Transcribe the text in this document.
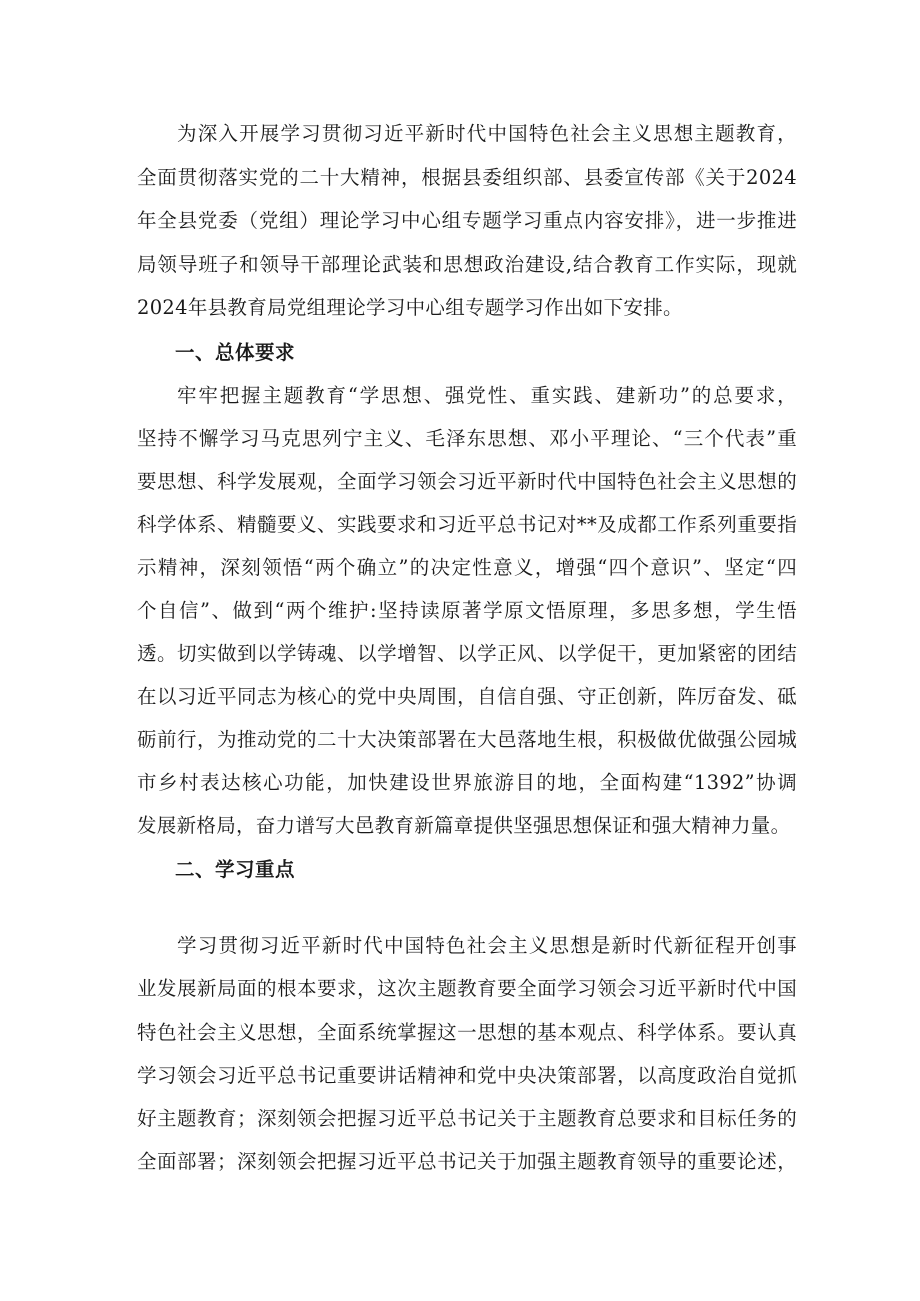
为深入开展学习贯彻习近平新时代中国特色社会主义思想主题教育，
全面贯彻落实党的二十大精神，根据县委组织部、县委宣传部《关于2024
年全县党委（党组）理论学习中心组专题学习重点内容安排》，进一步推进
局领导班子和领导干部理论武装和思想政治建设,结合教育工作实际，现就
2024年县教育局党组理论学习中心组专题学习作出如下安排。
一、总体要求
牢牢把握主题教育“学思想、强党性、重实践、建新功”的总要求，
坚持不懈学习马克思列宁主义、毛泽东思想、邓小平理论、“三个代表”重
要思想、科学发展观，全面学习领会习近平新时代中国特色社会主义思想的
科学体系、精髓要义、实践要求和习近平总书记对**及成都工作系列重要指
示精神，深刻领悟“两个确立”的决定性意义，增强“四个意识”、坚定“四
个自信”、做到“两个维护:坚持读原著学原文悟原理，多思多想，学生悟
透。切实做到以学铸魂、以学增智、以学正风、以学促干，更加紧密的团结
在以习近平同志为核心的党中央周围，自信自强、守正创新，阵厉奋发、砥
砺前行，为推动党的二十大决策部署在大邑落地生根，积极做优做强公园城
市乡村表达核心功能，加快建设世界旅游目的地，全面构建“1392”协调
发展新格局，奋力谱写大邑教育新篇章提供坚强思想保证和强大精神力量。
二、学习重点
学习贯彻习近平新时代中国特色社会主义思想是新时代新征程开创事
业发展新局面的根本要求，这次主题教育要全面学习领会习近平新时代中国
特色社会主义思想，全面系统掌握这一思想的基本观点、科学体系。要认真
学习领会习近平总书记重要讲话精神和党中央决策部署，以高度政治自觉抓
好主题教育；深刻领会把握习近平总书记关于主题教育总要求和目标任务的
全面部署；深刻领会把握习近平总书记关于加强主题教育领导的重要论述，
